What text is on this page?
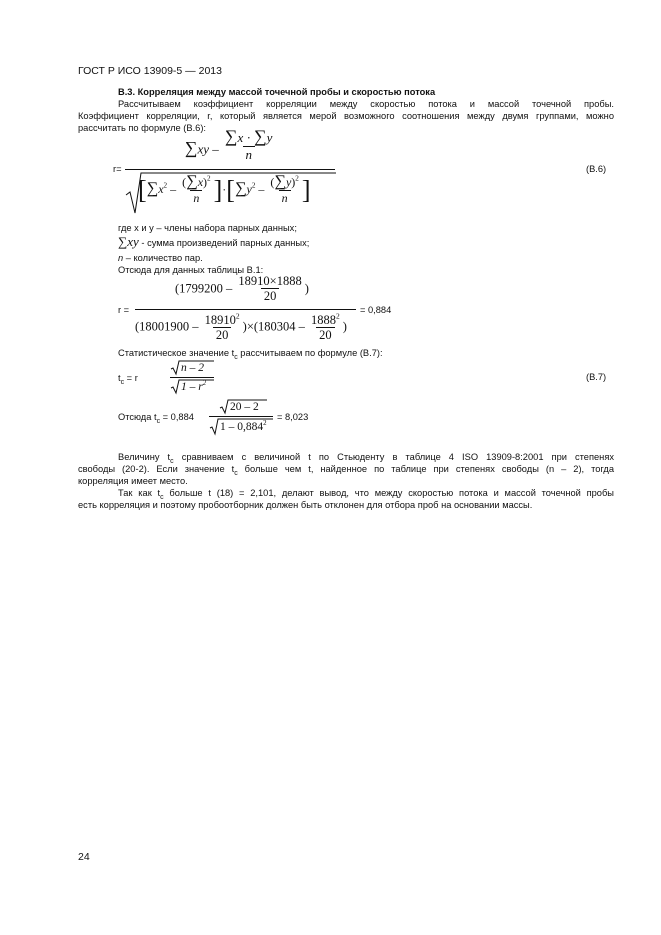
ГОСТ Р ИСО 13909-5 — 2013
В.3. Корреляция между массой точечной пробы и скоростью потока
Рассчитываем коэффициент корреляции между скоростью потока и массой точечной пробы.
Коэффициент корреляции, r, который является мерой возможного соотношения между двумя группами, можно
рассчитать по формуле (B.6):
r=
$\sum xy - \frac{\sum x \cdot \sum y}{n}$
$[\sum x^2 - \frac{(\sum x)^2}{n} ]\cdot[\sum y^2 - \frac{(\sum y)^2}{n}$ ]
(B.6)
где x и y – члены набора парных данных;
∑xy - сумма произведений парных данных;
n – количество пар.
Отсюда для данных таблицы B.1:
r =
($1799200 - \frac{18910\times 1888}{20}$ )
$(18001900 - \frac{18910^2}{20} )\times(180304 - \frac{1888^2}{20}$ )
= 0,884
Статистическое значение $t_c$ рассчитываем по формуле (B.7):
$t_c = r$
n – 2
$1 - r^2$
(B.7)
Отсюда $t_c = 0,884$
20 – 2
$1 - 0,884^2$
= 8,023
Величину $t_c$ сравниваем с величиной t по Стьюденту в таблице 4 ISO 13909-8:2001 при степенях
свободы (20-2). Если значение $t_c$ больше чем t, найденное по таблице при степенях свободы (n – 2), тогда
корреляция имеет место.
Так как $t_c$ больше t (18) = 2,101, делают вывод, что между скоростью потока и массой точечной пробы
есть корреляция и поэтому пробоотборник должен быть отклонен для отбора проб на основании массы.
24
